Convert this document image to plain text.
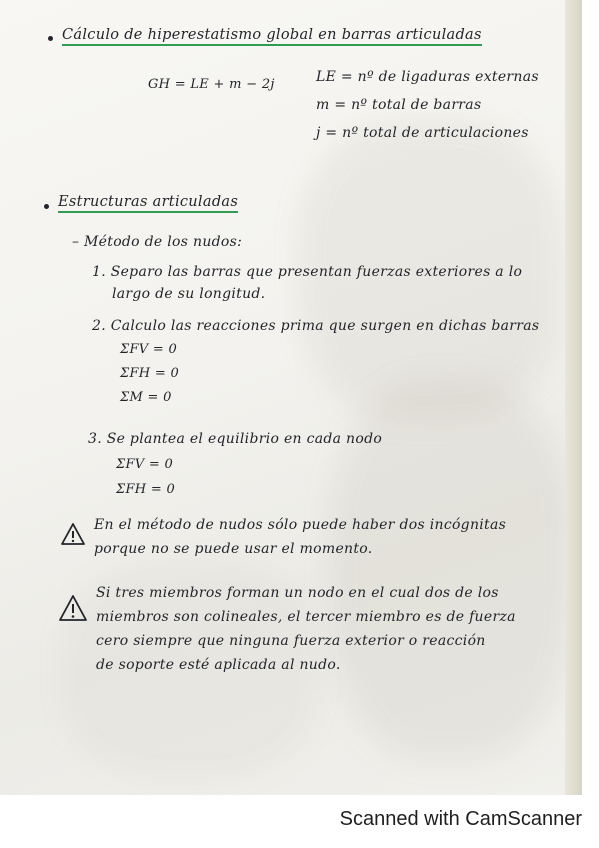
Cálculo de hiperestatismo global en barras articuladas
GH = LE + m − 2j	LE = nº de ligaduras externas
m = nº total de barras
j = nº total de articulaciones
Estructuras articuladas
– Método de los nudos:
1. Separo las barras que presentan fuerzas exteriores a lo
largo de su longitud.
2. Calculo las reacciones prima que surgen en dichas barras
ΣFV = 0
ΣFH = 0
ΣM = 0
3. Se plantea el equilibrio en cada nodo
ΣFV = 0
ΣFH = 0
En el método de nudos sólo puede haber dos incógnitas
porque no se puede usar el momento.
Si tres miembros forman un nodo en el cual dos de los
miembros son colineales, el tercer miembro es de fuerza
cero siempre que ninguna fuerza exterior o reacción
de soporte esté aplicada al nudo.
Scanned with CamScanner
